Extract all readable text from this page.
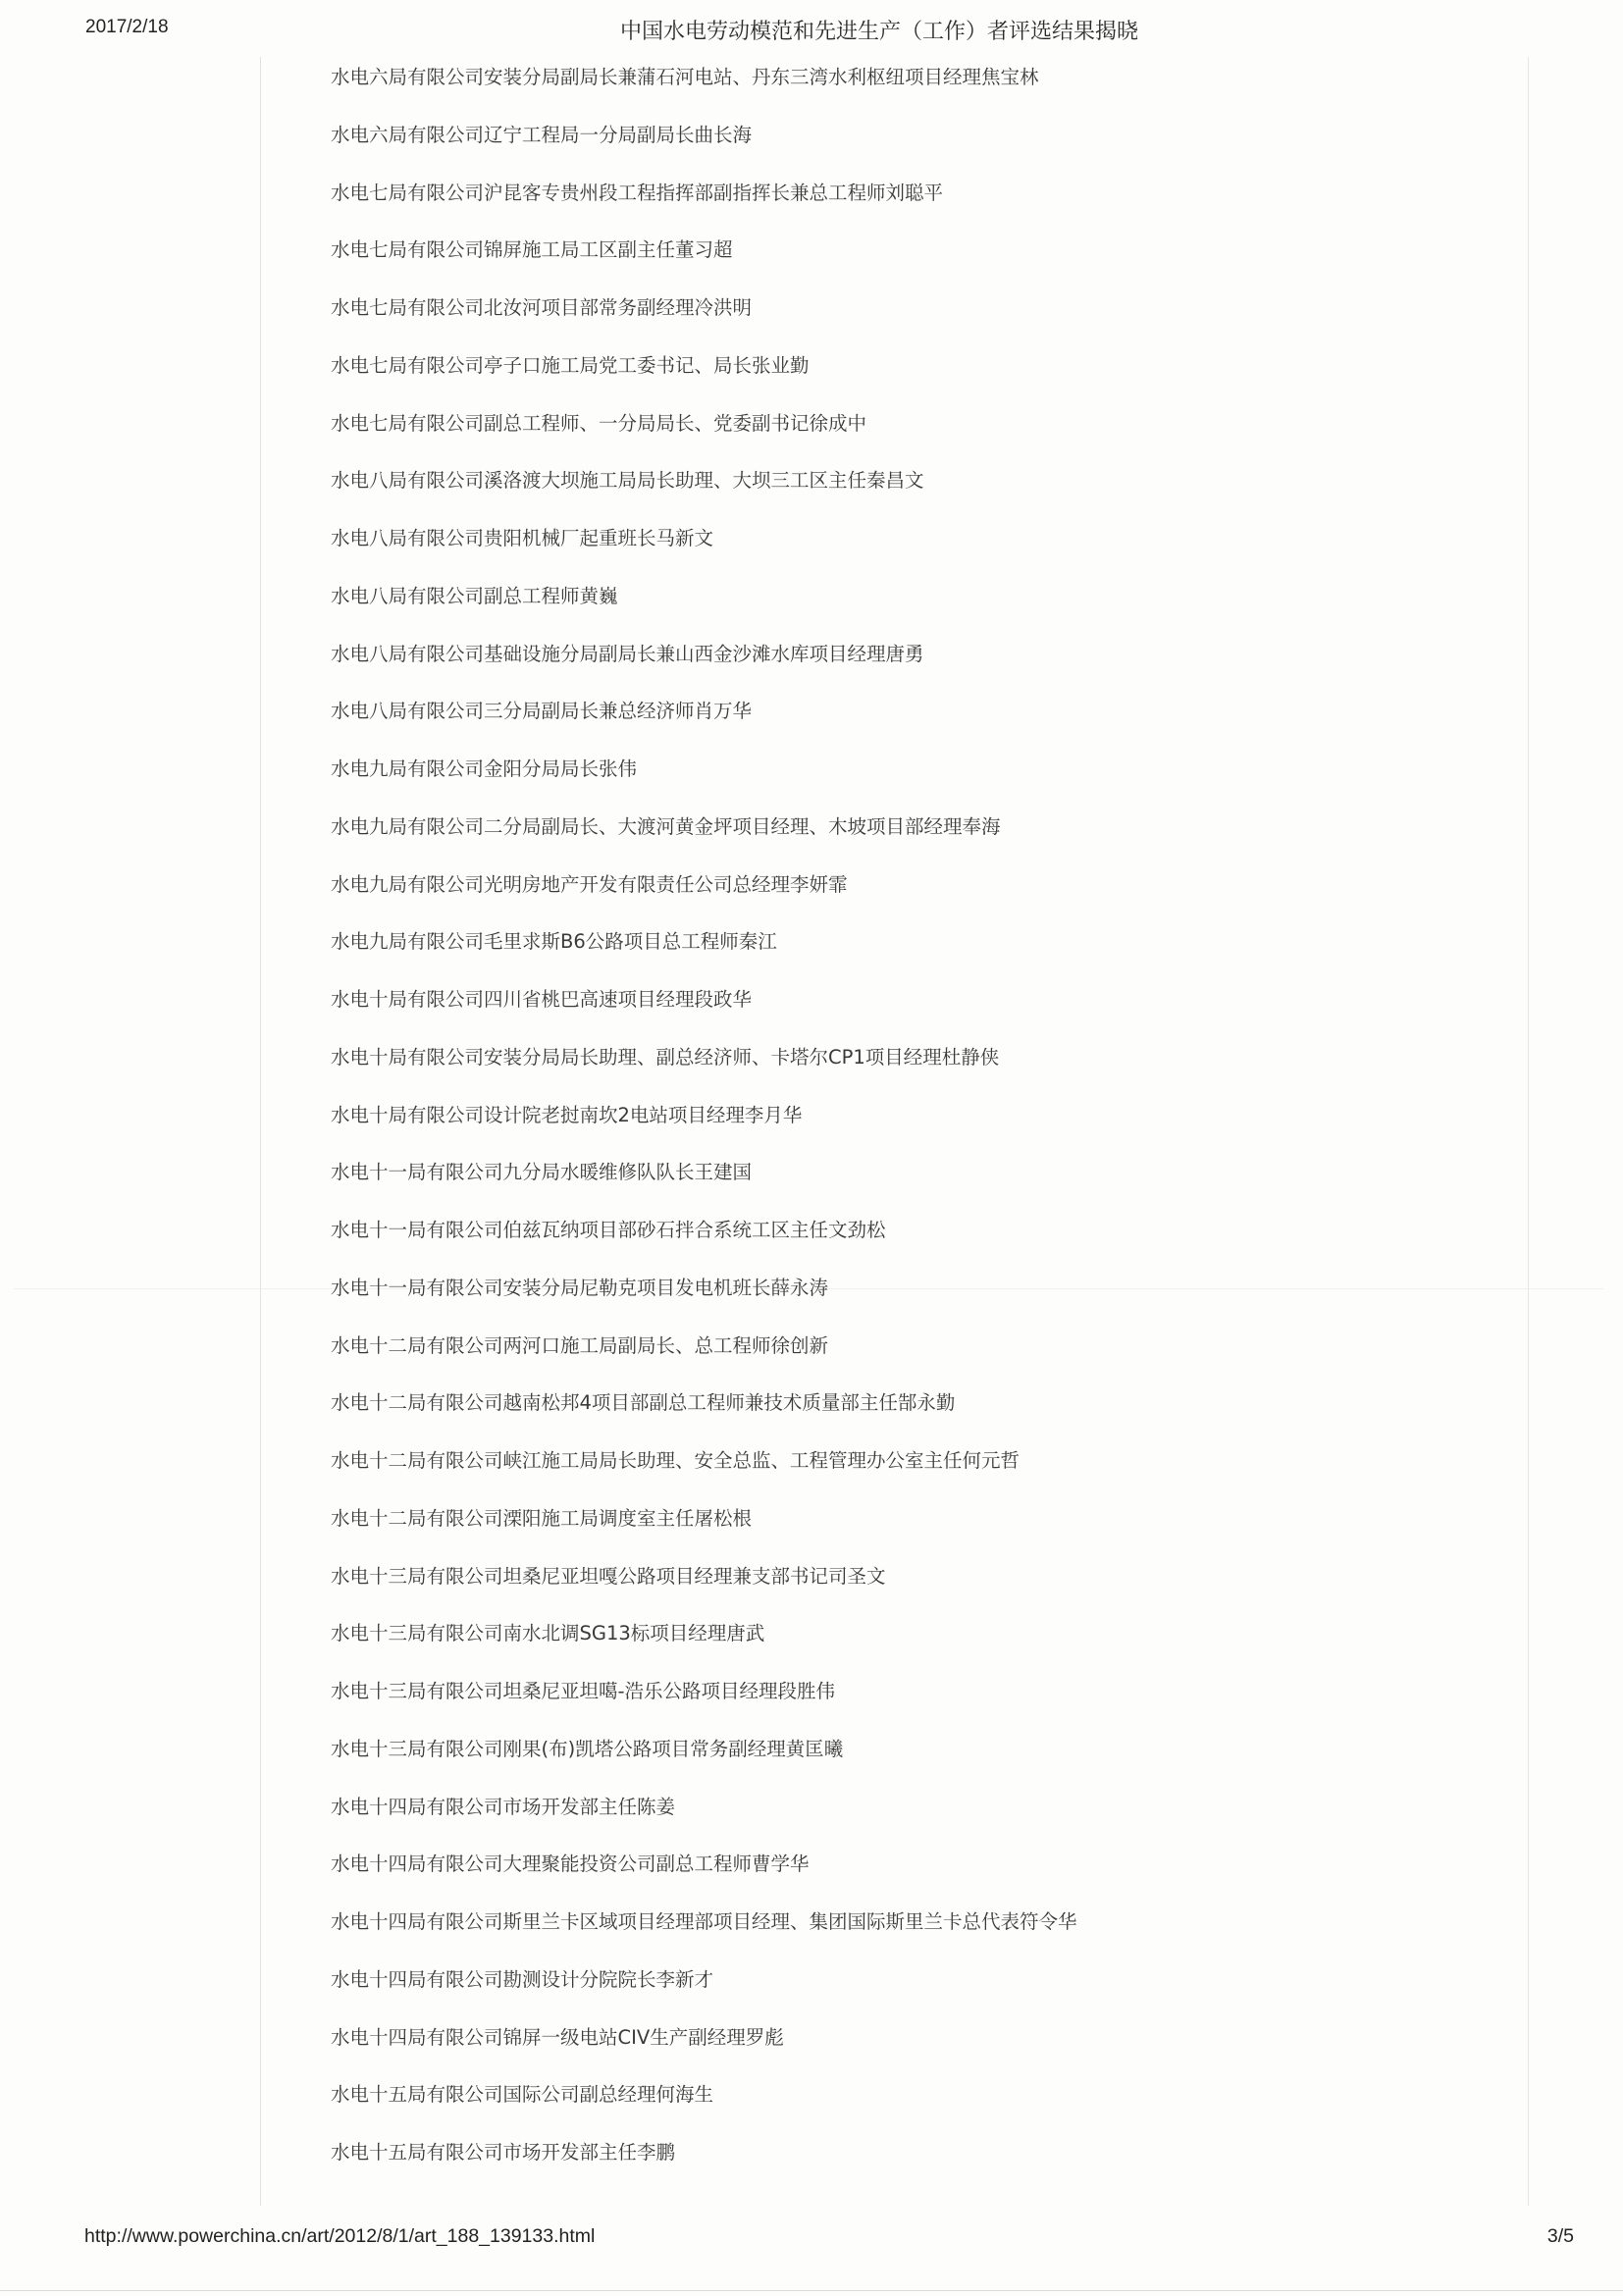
2017/2/18	中国水电劳动模范和先进生产（工作）者评选结果揭晓
水电六局有限公司安装分局副局长兼蒲石河电站、丹东三湾水利枢纽项目经理焦宝林
水电六局有限公司辽宁工程局一分局副局长曲长海
水电七局有限公司沪昆客专贵州段工程指挥部副指挥长兼总工程师刘聪平
水电七局有限公司锦屏施工局工区副主任董习超
水电七局有限公司北汝河项目部常务副经理冷洪明
水电七局有限公司亭子口施工局党工委书记、局长张业勤
水电七局有限公司副总工程师、一分局局长、党委副书记徐成中
水电八局有限公司溪洛渡大坝施工局局长助理、大坝三工区主任秦昌文
水电八局有限公司贵阳机械厂起重班长马新文
水电八局有限公司副总工程师黄巍
水电八局有限公司基础设施分局副局长兼山西金沙滩水库项目经理唐勇
水电八局有限公司三分局副局长兼总经济师肖万华
水电九局有限公司金阳分局局长张伟
水电九局有限公司二分局副局长、大渡河黄金坪项目经理、木坡项目部经理奉海
水电九局有限公司光明房地产开发有限责任公司总经理李妍霏
水电九局有限公司毛里求斯B6公路项目总工程师秦江
水电十局有限公司四川省桃巴高速项目经理段政华
水电十局有限公司安装分局局长助理、副总经济师、卡塔尔CP1项目经理杜静侠
水电十局有限公司设计院老挝南坎2电站项目经理李月华
水电十一局有限公司九分局水暖维修队队长王建国
水电十一局有限公司伯兹瓦纳项目部砂石拌合系统工区主任文劲松
水电十一局有限公司安装分局尼勒克项目发电机班长薛永涛
水电十二局有限公司两河口施工局副局长、总工程师徐创新
水电十二局有限公司越南松邦4项目部副总工程师兼技术质量部主任郜永勤
水电十二局有限公司峡江施工局局长助理、安全总监、工程管理办公室主任何元哲
水电十二局有限公司溧阳施工局调度室主任屠松根
水电十三局有限公司坦桑尼亚坦嘎公路项目经理兼支部书记司圣文
水电十三局有限公司南水北调SG13标项目经理唐武
水电十三局有限公司坦桑尼亚坦噶-浩乐公路项目经理段胜伟
水电十三局有限公司刚果(布)凯塔公路项目常务副经理黄匡曦
水电十四局有限公司市场开发部主任陈姜
水电十四局有限公司大理聚能投资公司副总工程师曹学华
水电十四局有限公司斯里兰卡区域项目经理部项目经理、集团国际斯里兰卡总代表符令华
水电十四局有限公司勘测设计分院院长李新才
水电十四局有限公司锦屏一级电站CIV生产副经理罗彪
水电十五局有限公司国际公司副总经理何海生
水电十五局有限公司市场开发部主任李鹏
http://www.powerchina.cn/art/2012/8/1/art_188_139133.html	3/5
